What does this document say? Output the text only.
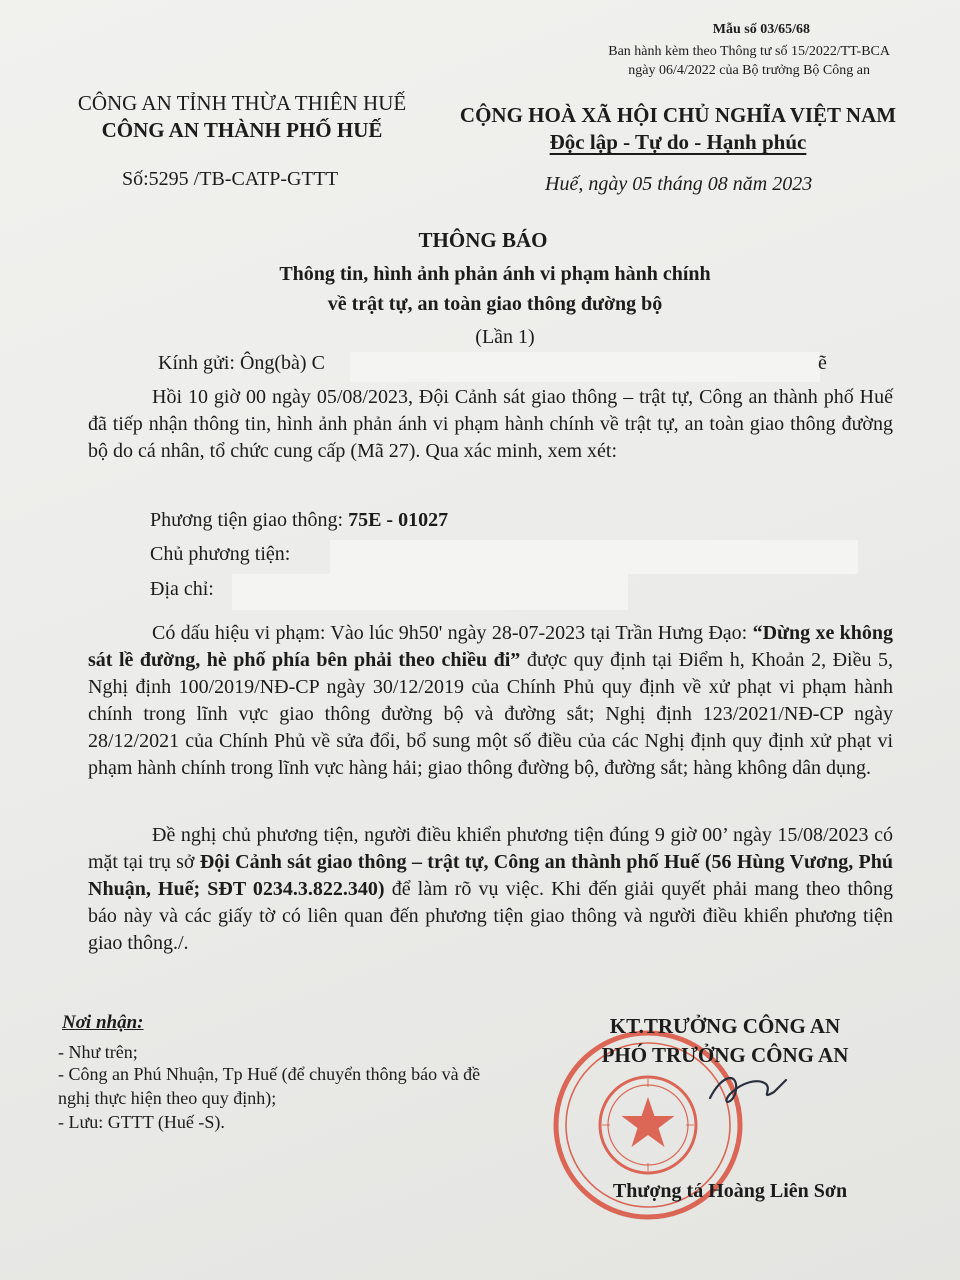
Mẫu số 03/65/68
Ban hành kèm theo Thông tư số 15/2022/TT-BCA
ngày 06/4/2022 của Bộ trưởng Bộ Công an
CÔNG AN TỈNH THỪA THIÊN HUẾ
CÔNG AN THÀNH PHỐ HUẾ
CỘNG HOÀ XÃ HỘI CHỦ NGHĨA VIỆT NAM
Độc lập - Tự do - Hạnh phúc
Số:5295 /TB-CATP-GTTT	Huế, ngày 05 tháng 08 năm 2023
THÔNG BÁO
Thông tin, hình ảnh phản ánh vi phạm hành chính
về trật tự, an toàn giao thông đường bộ
(Lần 1)
Kính gửi: Ông(bà) C	ẽ
Hồi 10 giờ 00 ngày 05/08/2023, Đội Cảnh sát giao thông – trật tự, Công an thành phố Huế đã tiếp nhận thông tin, hình ảnh phản ánh vi phạm hành chính về trật tự, an toàn giao thông đường bộ do cá nhân, tổ chức cung cấp (Mã 27). Qua xác minh, xem xét:
Phương tiện giao thông: 75E - 01027
Chủ phương tiện:
Địa chỉ:
Có dấu hiệu vi phạm: Vào lúc 9h50' ngày 28-07-2023 tại Trần Hưng Đạo: “Dừng xe không sát lề đường, hè phố phía bên phải theo chiều đi” được quy định tại Điểm h, Khoản 2, Điều 5, Nghị định 100/2019/NĐ-CP ngày 30/12/2019 của Chính Phủ quy định về xử phạt vi phạm hành chính trong lĩnh vực giao thông đường bộ và đường sắt; Nghị định 123/2021/NĐ-CP ngày 28/12/2021 của Chính Phủ về sửa đổi, bổ sung một số điều của các Nghị định quy định xử phạt vi phạm hành chính trong lĩnh vực hàng hải; giao thông đường bộ, đường sắt; hàng không dân dụng.
Đề nghị chủ phương tiện, người điều khiển phương tiện đúng 9 giờ 00’ ngày 15/08/2023 có mặt tại trụ sở Đội Cảnh sát giao thông – trật tự, Công an thành phố Huế (56 Hùng Vương, Phú Nhuận, Huế; SĐT 0234.3.822.340) để làm rõ vụ việc. Khi đến giải quyết phải mang theo thông báo này và các giấy tờ có liên quan đến phương tiện giao thông và người điều khiển phương tiện giao thông./.
Nơi nhận:
- Như trên;
- Công an Phú Nhuận, Tp Huế (để chuyển thông báo và đề nghị thực hiện theo quy định);
- Lưu: GTTT (Huế -S).
KT.TRƯỞNG CÔNG AN
PHÓ TRƯỞNG CÔNG AN
Thượng tá Hoàng Liên Sơn
